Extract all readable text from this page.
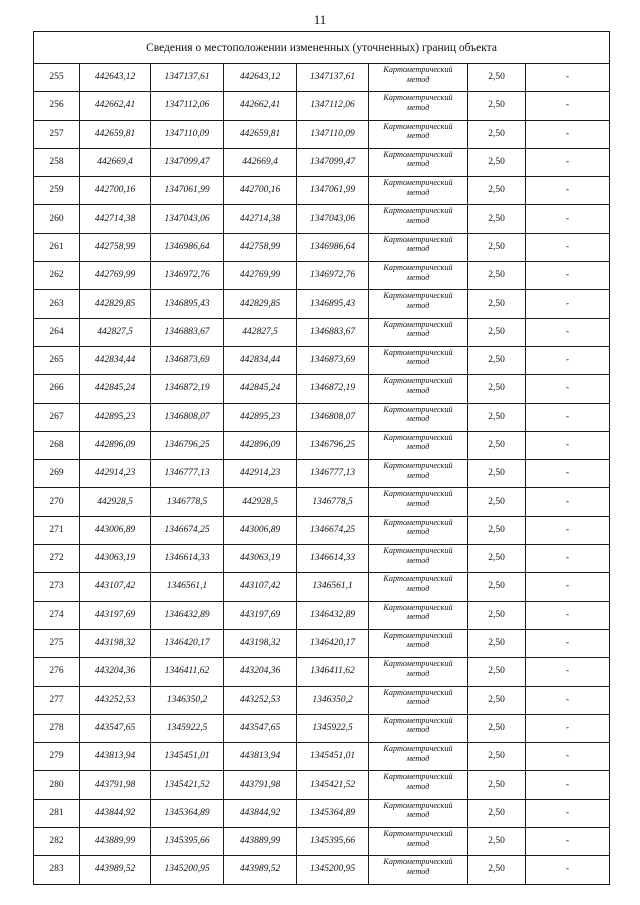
11
Сведения о местоположении измененных (уточненных) границ объекта							
255	442643,12	1347137,61	442643,12	1347137,61	Картометрический
метод	2,50	-
256	442662,41	1347112,06	442662,41	1347112,06	Картометрический
метод	2,50	-
257	442659,81	1347110,09	442659,81	1347110,09	Картометрический
метод	2,50	-
258	442669,4	1347099,47	442669,4	1347099,47	Картометрический
метод	2,50	-
259	442700,16	1347061,99	442700,16	1347061,99	Картометрический
метод	2,50	-
260	442714,38	1347043,06	442714,38	1347043,06	Картометрический
метод	2,50	-
261	442758,99	1346986,64	442758,99	1346986,64	Картометрический
метод	2,50	-
262	442769,99	1346972,76	442769,99	1346972,76	Картометрический
метод	2,50	-
263	442829,85	1346895,43	442829,85	1346895,43	Картометрический
метод	2,50	-
264	442827,5	1346883,67	442827,5	1346883,67	Картометрический
метод	2,50	-
265	442834,44	1346873,69	442834,44	1346873,69	Картометрический
метод	2,50	-
266	442845,24	1346872,19	442845,24	1346872,19	Картометрический
метод	2,50	-
267	442895,23	1346808,07	442895,23	1346808,07	Картометрический
метод	2,50	-
268	442896,09	1346796,25	442896,09	1346796,25	Картометрический
метод	2,50	-
269	442914,23	1346777,13	442914,23	1346777,13	Картометрический
метод	2,50	-
270	442928,5	1346778,5	442928,5	1346778,5	Картометрический
метод	2,50	-
271	443006,89	1346674,25	443006,89	1346674,25	Картометрический
метод	2,50	-
272	443063,19	1346614,33	443063,19	1346614,33	Картометрический
метод	2,50	-
273	443107,42	1346561,1	443107,42	1346561,1	Картометрический
метод	2,50	-
274	443197,69	1346432,89	443197,69	1346432,89	Картометрический
метод	2,50	-
275	443198,32	1346420,17	443198,32	1346420,17	Картометрический
метод	2,50	-
276	443204,36	1346411,62	443204,36	1346411,62	Картометрический
метод	2,50	-
277	443252,53	1346350,2	443252,53	1346350,2	Картометрический
метод	2,50	-
278	443547,65	1345922,5	443547,65	1345922,5	Картометрический
метод	2,50	-
279	443813,94	1345451,01	443813,94	1345451,01	Картометрический
метод	2,50	-
280	443791,98	1345421,52	443791,98	1345421,52	Картометрический
метод	2,50	-
281	443844,92	1345364,89	443844,92	1345364,89	Картометрический
метод	2,50	-
282	443889,99	1345395,66	443889,99	1345395,66	Картометрический
метод	2,50	-
283	443989,52	1345200,95	443989,52	1345200,95	Картометрический
метод	2,50	-
